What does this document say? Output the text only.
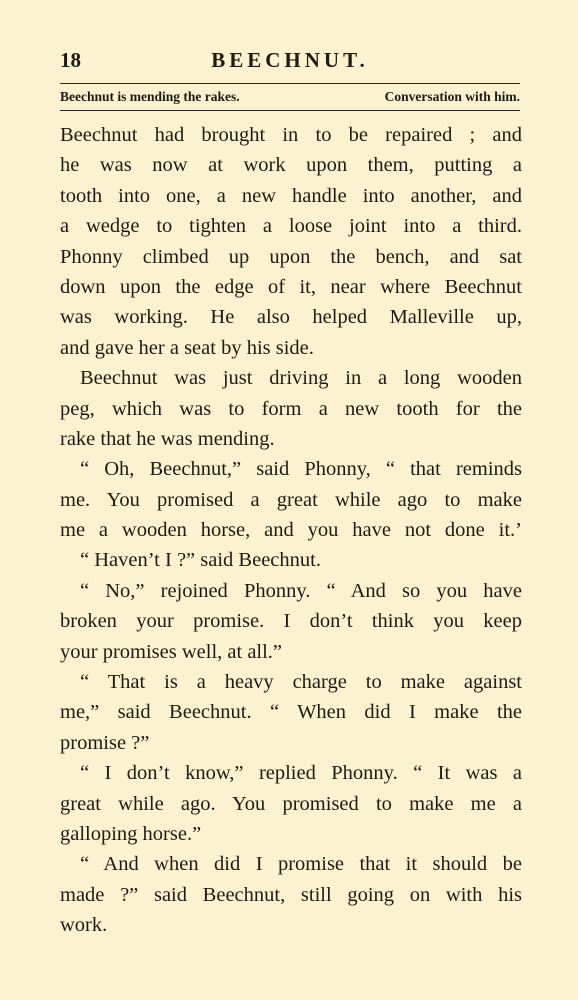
18	BEECHNUT.
Beechnut is mending the rakes.	Conversation with him.
Beechnut had brought in to be repaired ; and
he was now at work upon them, putting a
tooth into one, a new handle into another, and
a wedge to tighten a loose joint into a third.
Phonny climbed up upon the bench, and sat
down upon the edge of it, near where Beechnut
was working. He also helped Malleville up,
and gave her a seat by his side.
Beechnut was just driving in a long wooden
peg, which was to form a new tooth for the
rake that he was mending.
“ Oh, Beechnut,” said Phonny, “ that reminds
me. You promised a great while ago to make
me a wooden horse, and you have not done it.’
“ Haven’t I ?” said Beechnut.
“ No,” rejoined Phonny. “ And so you have
broken your promise. I don’t think you keep
your promises well, at all.”
“ That is a heavy charge to make against
me,” said Beechnut. “ When did I make the
promise ?”
“ I don’t know,” replied Phonny. “ It was a
great while ago. You promised to make me a
galloping horse.”
“ And when did I promise that it should be
made ?” said Beechnut, still going on with his
work.
